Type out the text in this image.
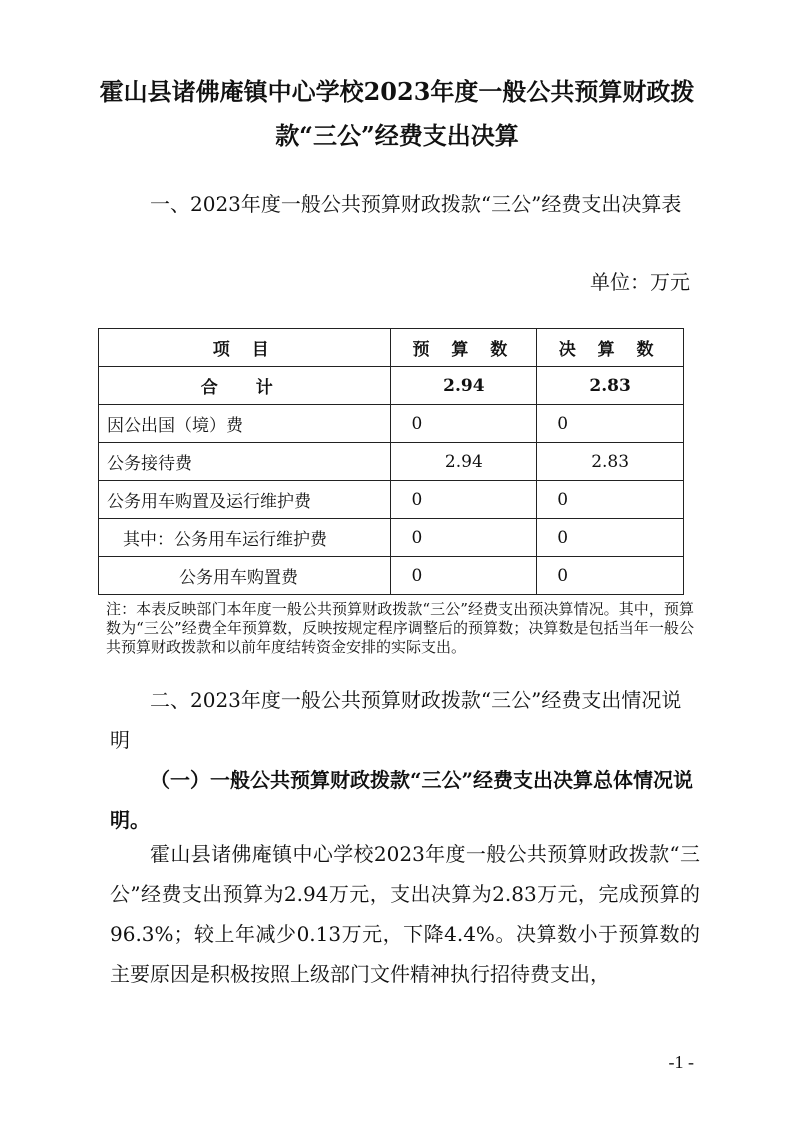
霍山县诸佛庵镇中心学校2023年度一般公共预算财政拨款“三公”经费支出决算
一、2023年度一般公共预算财政拨款“三公”经费支出决算表
单位：万元
项 目	预 算 数	决 算 数
合 计	2.94	2.83
因公出国（境）费	0	0
公务接待费	2.94	2.83
公务用车购置及运行维护费	0	0
其中：公务用车运行维护费	0	0
公务用车购置费	0	0
注：本表反映部门本年度一般公共预算财政拨款“三公”经费支出预决算情况。其中，预算数为“三公”经费全年预算数，反映按规定程序调整后的预算数；决算数是包括当年一般公共预算财政拨款和以前年度结转资金安排的实际支出。
二、2023年度一般公共预算财政拨款“三公”经费支出情况说明
（一）一般公共预算财政拨款“三公”经费支出决算总体情况说明。
霍山县诸佛庵镇中心学校2023年度一般公共预算财政拨款“三公”经费支出预算为2.94万元，支出决算为2.83万元，完成预算的96.3%；较上年减少0.13万元，下降4.4%。决算数小于预算数的主要原因是积极按照上级部门文件精神执行招待费支出，
-1 -
